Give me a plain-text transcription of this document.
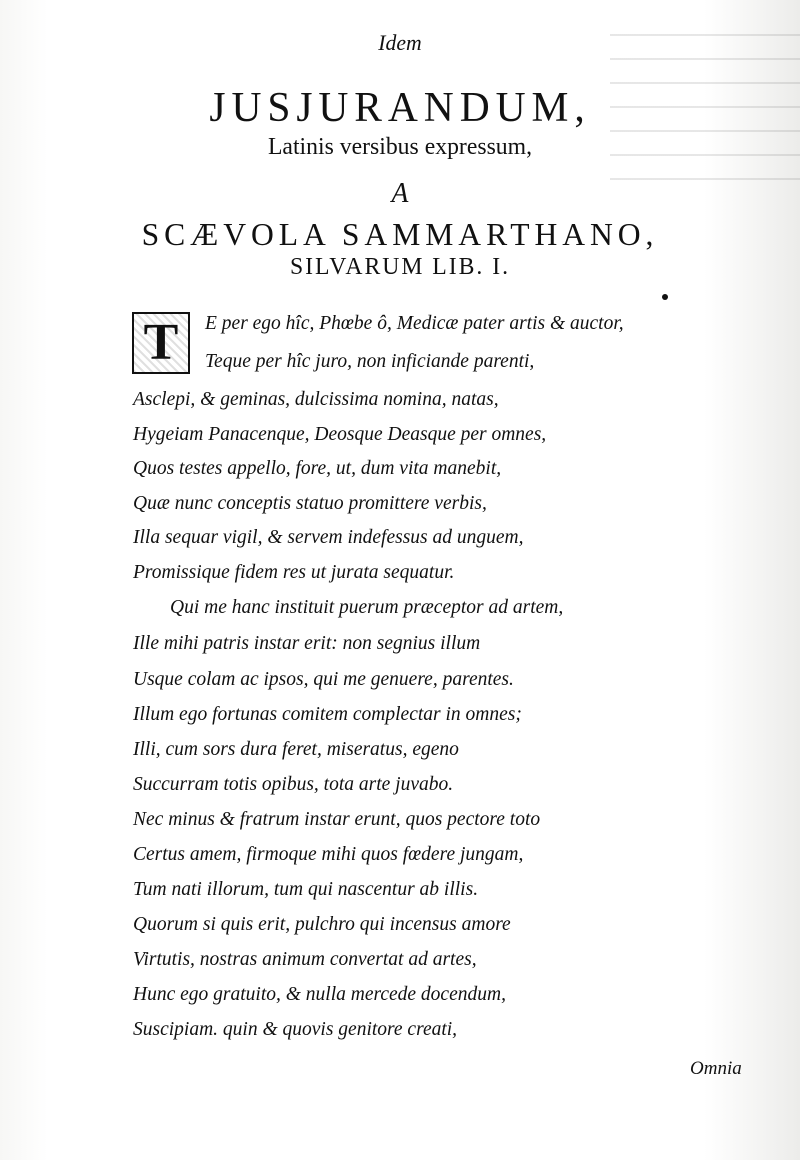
Idem
JUSJURANDUM,
Latinis versibus expressum,
A
SCÆVOLA SAMMARTHANO,
SILVARUM LIB. I.
T	E per ego hîc, Phœbe ô, Medicæ pater artis & auctor,
Teque per hîc juro, non inficiande parenti,
Asclepi, & geminas, dulcissima nomina, natas,
Hygeiam Panacenque, Deosque Deasque per omnes,
Quos testes appello, fore, ut, dum vita manebit,
Quæ nunc conceptis statuo promittere verbis,
Illa sequar vigil, & servem indefessus ad unguem,
Promissique fidem res ut jurata sequatur.
Qui me hanc instituit puerum præceptor ad artem,
Ille mihi patris instar erit: non segnius illum
Usque colam ac ipsos, qui me genuere, parentes.
Illum ego fortunas comitem complectar in omnes;
Illi, cum sors dura feret, miseratus, egeno
Succurram totis opibus, tota arte juvabo.
Nec minus & fratrum instar erunt, quos pectore toto
Certus amem, firmoque mihi quos fœdere jungam,
Tum nati illorum, tum qui nascentur ab illis.
Quorum si quis erit, pulchro qui incensus amore
Virtutis, nostras animum convertat ad artes,
Hunc ego gratuito, & nulla mercede docendum,
Suscipiam. quin & quovis genitore creati,
Omnia
